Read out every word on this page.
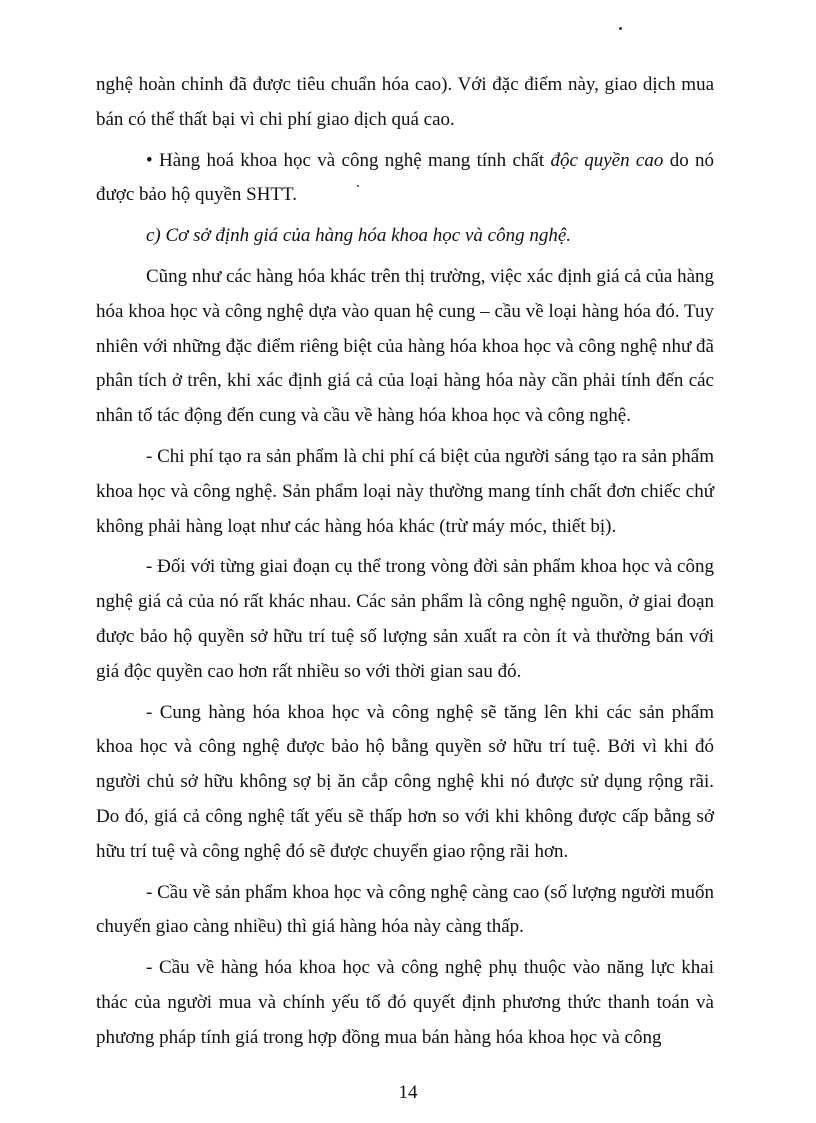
nghệ hoàn chỉnh đã được tiêu chuẩn hóa cao). Với đặc điểm này, giao dịch mua bán có thể thất bại vì chi phí giao dịch quá cao.

• Hàng hoá khoa học và công nghệ mang tính chất độc quyền cao do nó được bảo hộ quyền SHTT.

c) Cơ sở định giá của hàng hóa khoa học và công nghệ.

Cũng như các hàng hóa khác trên thị trường, việc xác định giá cả của hàng hóa khoa học và công nghệ dựa vào quan hệ cung – cầu về loại hàng hóa đó. Tuy nhiên với những đặc điểm riêng biệt của hàng hóa khoa học và công nghệ như đã phân tích ở trên, khi xác định giá cả của loại hàng hóa này cần phải tính đến các nhân tố tác động đến cung và cầu về hàng hóa khoa học và công nghệ.

- Chi phí tạo ra sản phẩm là chi phí cá biệt của người sáng tạo ra sản phẩm khoa học và công nghệ. Sản phẩm loại này thường mang tính chất đơn chiếc chứ không phải hàng loạt như các hàng hóa khác (trừ máy móc, thiết bị).

- Đối với từng giai đoạn cụ thể trong vòng đời sản phẩm khoa học và công nghệ giá cả của nó rất khác nhau. Các sản phẩm là công nghệ nguồn, ở giai đoạn được bảo hộ quyền sở hữu trí tuệ số lượng sản xuất ra còn ít và thường bán với giá độc quyền cao hơn rất nhiều so với thời gian sau đó.

- Cung hàng hóa khoa học và công nghệ sẽ tăng lên khi các sản phẩm khoa học và công nghệ được bảo hộ bằng quyền sở hữu trí tuệ. Bởi vì khi đó người chủ sở hữu không sợ bị ăn cắp công nghệ khi nó được sử dụng rộng rãi. Do đó, giá cả công nghệ tất yếu sẽ thấp hơn so với khi không được cấp bằng sở hữu trí tuệ và công nghệ đó sẽ được chuyển giao rộng rãi hơn.

- Cầu về sản phẩm khoa học và công nghệ càng cao (số lượng người muốn chuyển giao càng nhiều) thì giá hàng hóa này càng thấp.

- Cầu về hàng hóa khoa học và công nghệ phụ thuộc vào năng lực khai thác của người mua và chính yếu tố đó quyết định phương thức thanh toán và phương pháp tính giá trong hợp đồng mua bán hàng hóa khoa học và công

14
